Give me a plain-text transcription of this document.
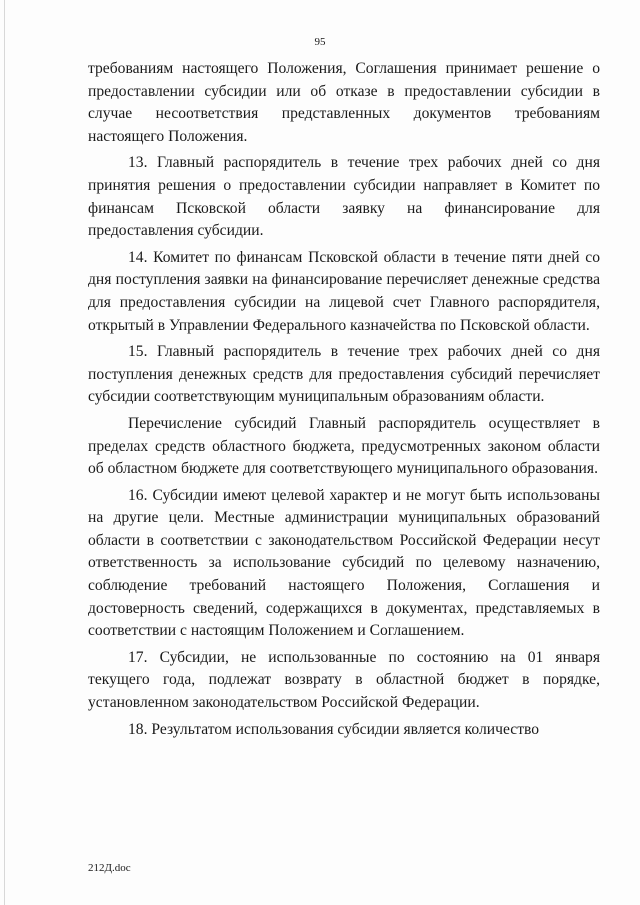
95

требованиям настоящего Положения, Соглашения принимает решение о предоставлении субсидии или об отказе в предоставлении субсидии в случае несоответствия представленных документов требованиям настоящего Положения.

13. Главный распорядитель в течение трех рабочих дней со дня принятия решения о предоставлении субсидии направляет в Комитет по финансам Псковской области заявку на финансирование для предоставления субсидии.

14. Комитет по финансам Псковской области в течение пяти дней со дня поступления заявки на финансирование перечисляет денежные средства для предоставления субсидии на лицевой счет Главного распорядителя, открытый в Управлении Федерального казначейства по Псковской области.

15. Главный распорядитель в течение трех рабочих дней со дня поступления денежных средств для предоставления субсидий перечисляет субсидии соответствующим муниципальным образованиям области.

Перечисление субсидий Главный распорядитель осуществляет в пределах средств областного бюджета, предусмотренных законом области об областном бюджете для соответствующего муниципального образования.

16. Субсидии имеют целевой характер и не могут быть использованы на другие цели. Местные администрации муниципальных образований области в соответствии с законодательством Российской Федерации несут ответственность за использование субсидий по целевому назначению, соблюдение требований настоящего Положения, Соглашения и достоверность сведений, содержащихся в документах, представляемых в соответствии с настоящим Положением и Соглашением.

17. Субсидии, не использованные по состоянию на 01 января текущего года, подлежат возврату в областной бюджет в порядке, установленном законодательством Российской Федерации.

18. Результатом использования субсидии является количество

212Д.doc
